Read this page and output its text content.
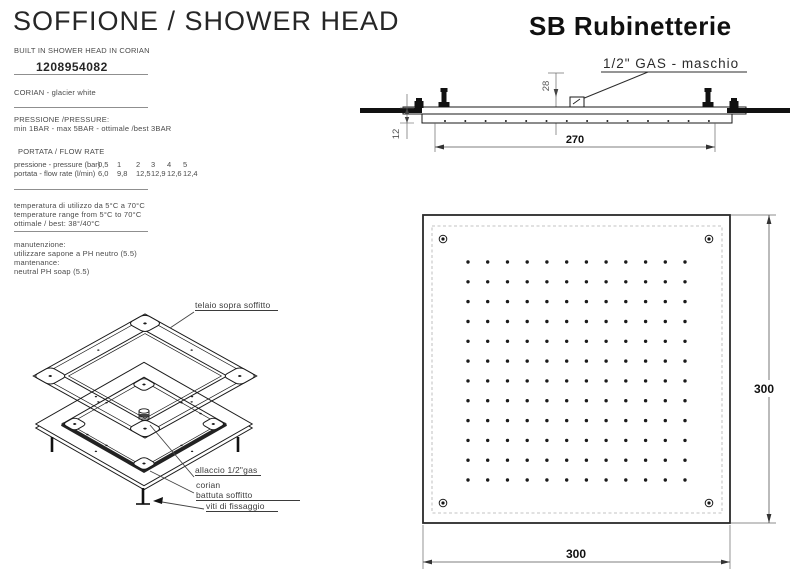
SOFFIONE / SHOWER HEAD	SB Rubinetterie
BUILT IN SHOWER HEAD IN CORIAN
1208954082
CORIAN - glacier white
PRESSIONE /PRESSURE:
min 1BAR - max 5BAR - ottimale /best 3BAR
PORTATA / FLOW RATE
pressione - pressure (bar)
0,5 1 2 3 4 5
portata - flow rate (l/min) 6,0 9,8 12,5 12,9 12,6 12,4
temperatura di utilizzo da 5°C a 70°C
temperature range from 5°C to 70°C
ottimale / best: 38°/40°C
manutenzione:
utilizzare sapone a PH neutro (5.5)
mantenance:
neutral PH soap (5.5)
1/2" GAS - maschio
28
12	270
300
300
telaio sopra soffitto
allaccio 1/2"gas
corian
battuta soffitto
viti di fissaggio
